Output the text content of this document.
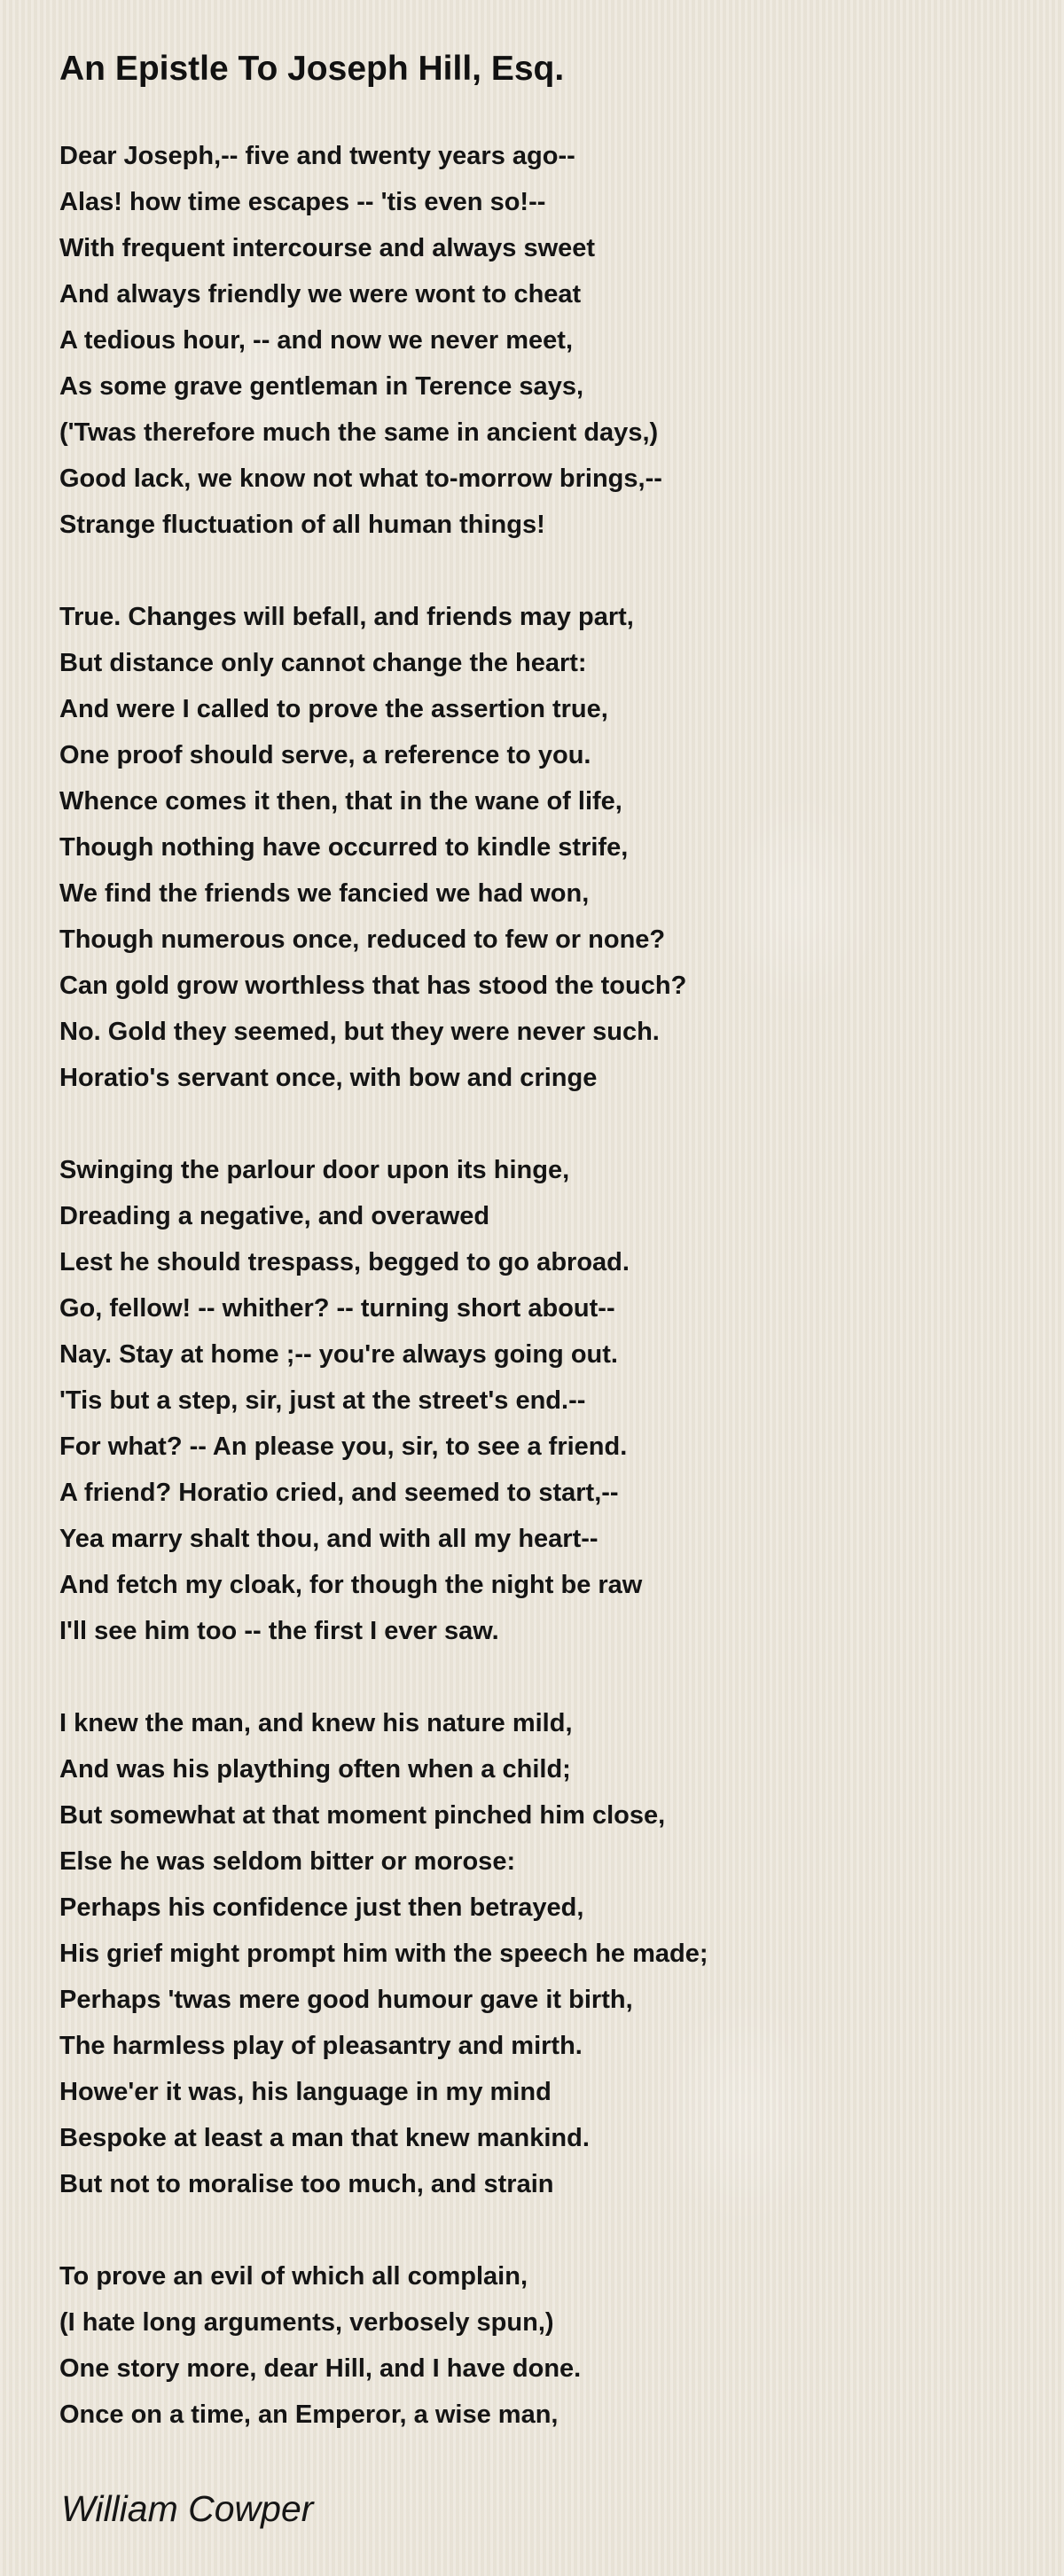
An Epistle To Joseph Hill, Esq.
Dear Joseph,-- five and twenty years ago--
Alas! how time escapes -- 'tis even so!--
With frequent intercourse and always sweet
And always friendly we were wont to cheat
A tedious hour, -- and now we never meet,
As some grave gentleman in Terence says,
('Twas therefore much the same in ancient days,)
Good lack, we know not what to-morrow brings,--
Strange fluctuation of all human things!
True. Changes will befall, and friends may part,
But distance only cannot change the heart:
And were I called to prove the assertion true,
One proof should serve, a reference to you.
Whence comes it then, that in the wane of life,
Though nothing have occurred to kindle strife,
We find the friends we fancied we had won,
Though numerous once, reduced to few or none?
Can gold grow worthless that has stood the touch?
No. Gold they seemed, but they were never such.
Horatio's servant once, with bow and cringe
Swinging the parlour door upon its hinge,
Dreading a negative, and overawed
Lest he should trespass, begged to go abroad.
Go, fellow! -- whither? -- turning short about--
Nay. Stay at home ;-- you're always going out.
'Tis but a step, sir, just at the street's end.--
For what? -- An please you, sir, to see a friend.
A friend? Horatio cried, and seemed to start,--
Yea marry shalt thou, and with all my heart--
And fetch my cloak, for though the night be raw
I'll see him too -- the first I ever saw.
I knew the man, and knew his nature mild,
And was his plaything often when a child;
But somewhat at that moment pinched him close,
Else he was seldom bitter or morose:
Perhaps his confidence just then betrayed,
His grief might prompt him with the speech he made;
Perhaps 'twas mere good humour gave it birth,
The harmless play of pleasantry and mirth.
Howe'er it was, his language in my mind
Bespoke at least a man that knew mankind.
But not to moralise too much, and strain
To prove an evil of which all complain,
(I hate long arguments, verbosely spun,)
One story more, dear Hill, and I have done.
Once on a time, an Emperor, a wise man,
William Cowper
